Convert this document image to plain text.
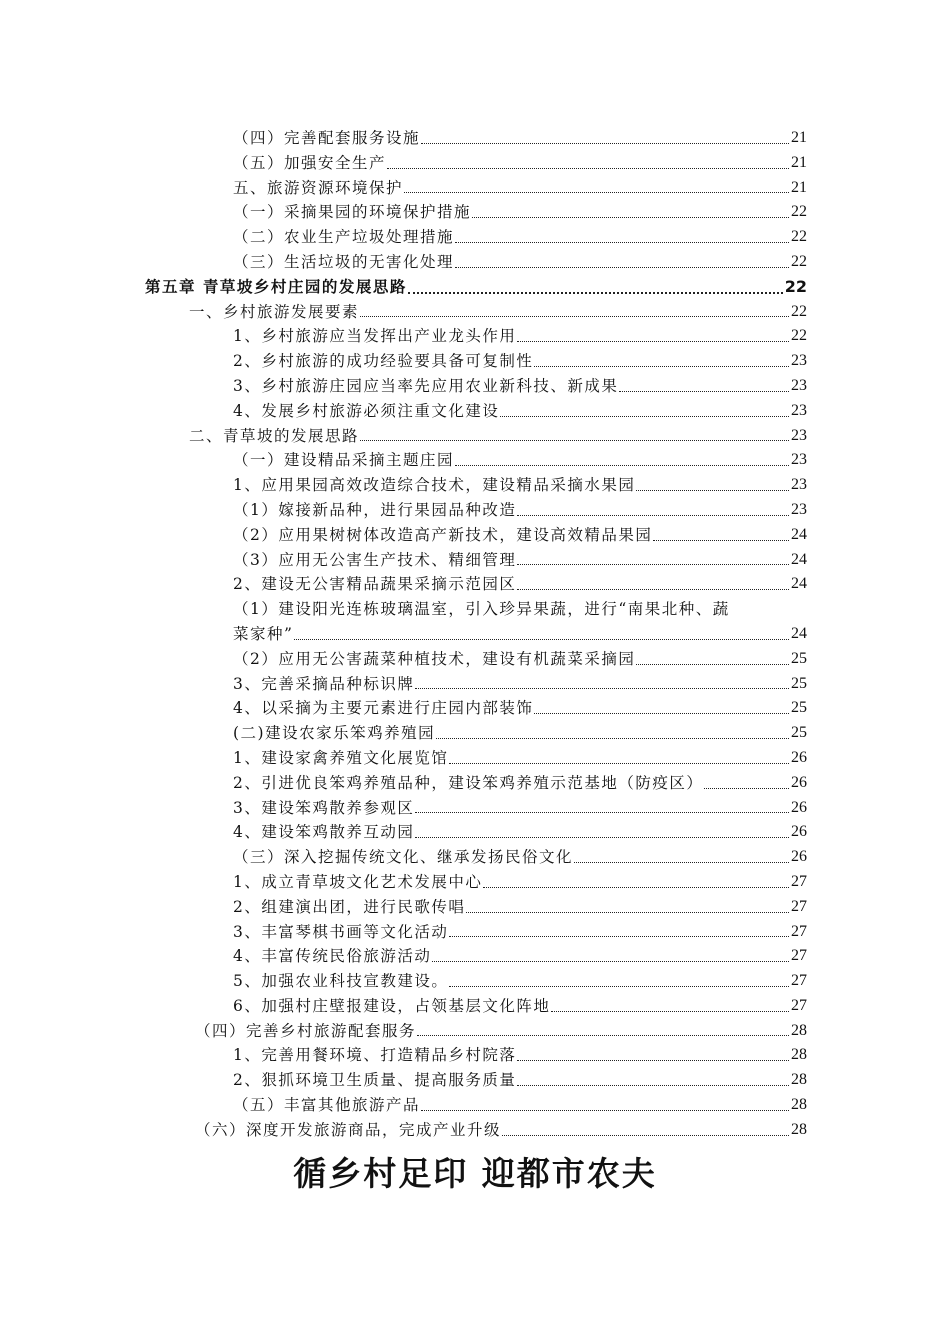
（四）完善配套服务设施	21
（五）加强安全生产	21
五、旅游资源环境保护	21
（一）采摘果园的环境保护措施	22
（二）农业生产垃圾处理措施	22
（三）生活垃圾的无害化处理	22
第五章 青草坡乡村庄园的发展思路	22
一、乡村旅游发展要素	22
1、乡村旅游应当发挥出产业龙头作用	22
2、乡村旅游的成功经验要具备可复制性	23
3、乡村旅游庄园应当率先应用农业新科技、新成果	23
4、发展乡村旅游必须注重文化建设	23
二、青草坡的发展思路	23
（一）建设精品采摘主题庄园	23
1、应用果园高效改造综合技术，建设精品采摘水果园	23
（1）嫁接新品种，进行果园品种改造	23
（2）应用果树树体改造高产新技术，建设高效精品果园	24
（3）应用无公害生产技术、精细管理	24
2、建设无公害精品蔬果采摘示范园区	24
（1）建设阳光连栋玻璃温室，引入珍异果蔬，进行“南果北种、蔬
菜家种”	24
（2）应用无公害蔬菜种植技术，建设有机蔬菜采摘园	25
3、完善采摘品种标识牌	25
4、以采摘为主要元素进行庄园内部装饰	25
(二)建设农家乐笨鸡养殖园	25
1、建设家禽养殖文化展览馆	26
2、引进优良笨鸡养殖品种，建设笨鸡养殖示范基地（防疫区）	26
3、建设笨鸡散养参观区	26
4、建设笨鸡散养互动园	26
（三）深入挖掘传统文化、继承发扬民俗文化	26
1、成立青草坡文化艺术发展中心	27
2、组建演出团，进行民歌传唱	27
3、丰富琴棋书画等文化活动	27
4、丰富传统民俗旅游活动	27
5、加强农业科技宣教建设。	27
6、加强村庄壁报建设，占领基层文化阵地	27
（四）完善乡村旅游配套服务	28
1、完善用餐环境、打造精品乡村院落	28
2、狠抓环境卫生质量、提高服务质量	28
（五）丰富其他旅游产品	28
（六）深度开发旅游商品，完成产业升级	28
循乡村足印 迎都市农夫
